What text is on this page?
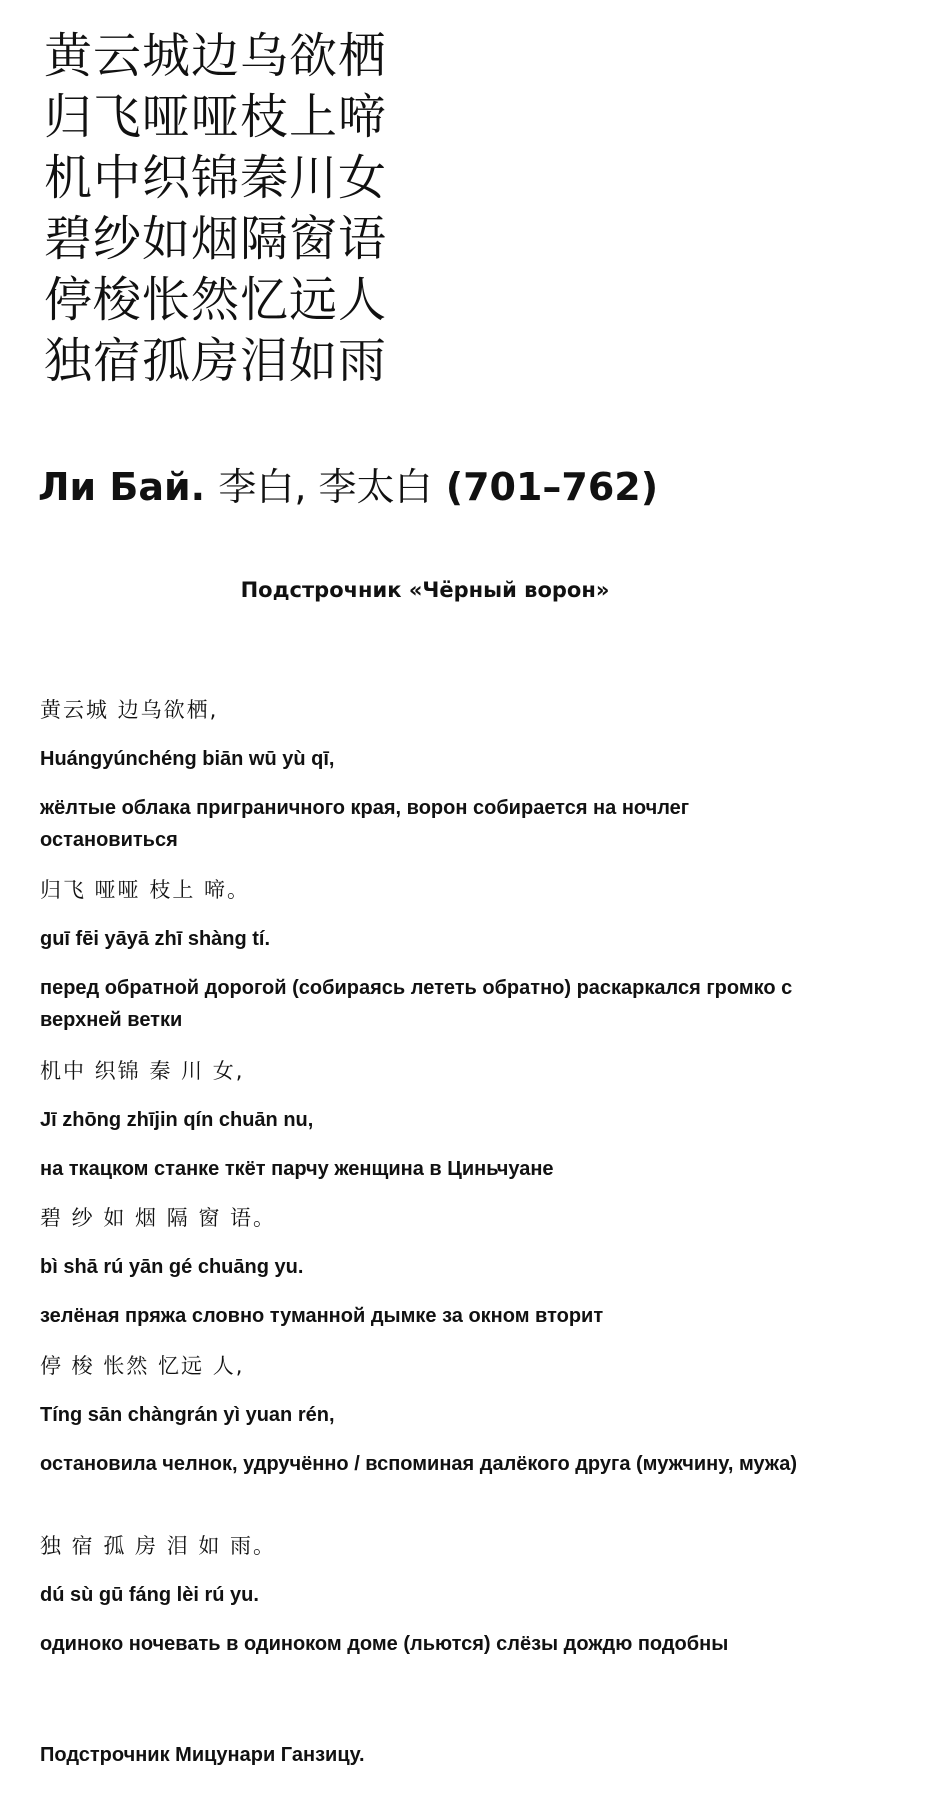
黄云城边乌欲栖
归飞哑哑枝上啼
机中织锦秦川女
碧纱如烟隔窗语
停梭怅然忆远人
独宿孤房泪如雨
Ли Бай. 李白, 李太白 (701–762)
Подстрочник «Чёрный ворон»
黄云城 边乌欲栖,
Huángyúnchéng biān wū yù qī,
жёлтые облака приграничного края, ворон собирается на ночлег остановиться
归飞 哑哑 枝上 啼。
guī fēi yāyā zhī shàng tí.
перед обратной дорогой (собираясь лететь обратно) раскаркался громко с верхней ветки
机中 织锦 秦 川 女,
Jī zhōng zhījin qín chuān nu,
на ткацком станке ткёт парчу женщина в Циньчуане
碧 纱 如 烟 隔 窗 语。
bì shā rú yān gé chuāng yu.
зелёная пряжа словно туманной дымке за окном вторит
停 梭 怅然 忆远 人,
Tíng sān chàngrán yì yuan rén,
остановила челнок, удручённо / вспоминая далёкого друга (мужчину, мужа)
独 宿 孤 房 泪 如 雨。
dú sù gū fáng lèi rú yu.
одиноко ночевать в одиноком доме (льются) слёзы дождю подобны
Подстрочник Мицунари Ганзицу.
